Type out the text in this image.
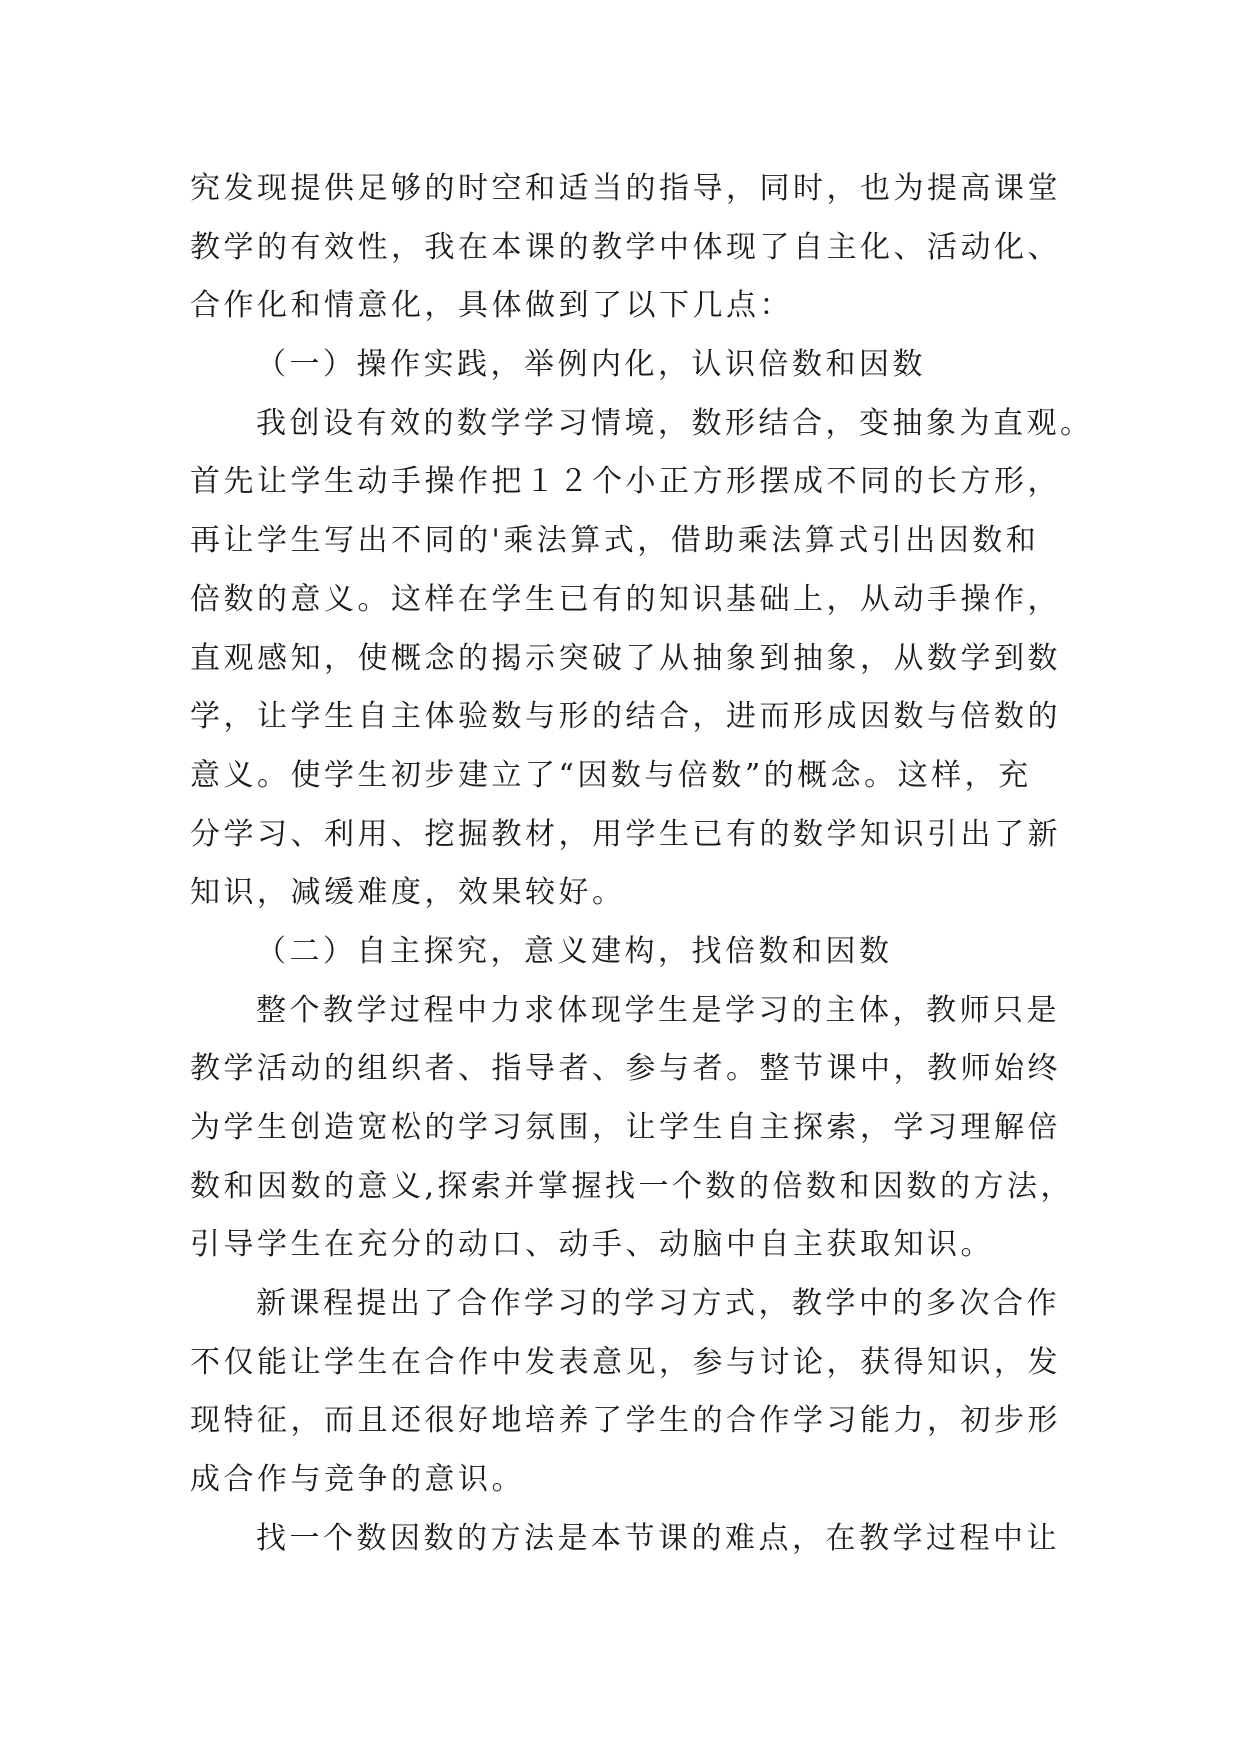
究发现提供足够的时空和适当的指导，同时，也为提高课堂
教学的有效性，我在本课的教学中体现了自主化、活动化、
合作化和情意化，具体做到了以下几点：
（一）操作实践，举例内化，认识倍数和因数
我创设有效的数学学习情境，数形结合，变抽象为直观。
首先让学生动手操作把１２个小正方形摆成不同的长方形，
再让学生写出不同的'乘法算式，借助乘法算式引出因数和
倍数的意义。这样在学生已有的知识基础上，从动手操作，
直观感知，使概念的揭示突破了从抽象到抽象，从数学到数
学，让学生自主体验数与形的结合，进而形成因数与倍数的
意义。使学生初步建立了“因数与倍数”的概念。这样，充
分学习、利用、挖掘教材，用学生已有的数学知识引出了新
知识，减缓难度，效果较好。
（二）自主探究，意义建构，找倍数和因数
整个教学过程中力求体现学生是学习的主体，教师只是
教学活动的组织者、指导者、参与者。整节课中，教师始终
为学生创造宽松的学习氛围，让学生自主探索，学习理解倍
数和因数的意义,探索并掌握找一个数的倍数和因数的方法，
引导学生在充分的动口、动手、动脑中自主获取知识。
新课程提出了合作学习的学习方式，教学中的多次合作
不仅能让学生在合作中发表意见，参与讨论，获得知识，发
现特征，而且还很好地培养了学生的合作学习能力，初步形
成合作与竞争的意识。
找一个数因数的方法是本节课的难点，在教学过程中让
